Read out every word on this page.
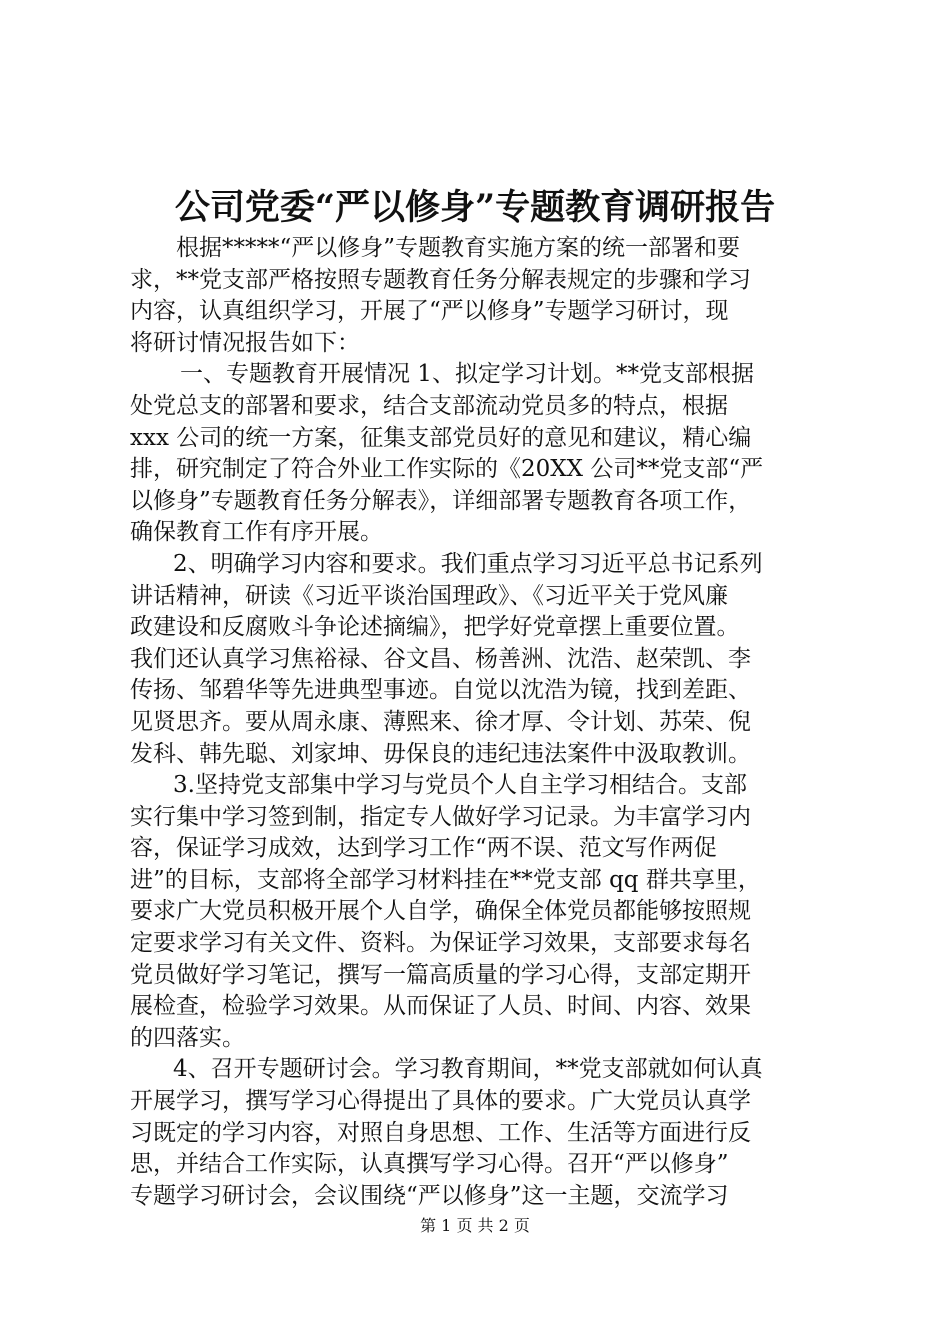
公司党委“严以修身”专题教育调研报告
根据*****“严以修身”专题教育实施方案的统一部署和要
求，**党支部严格按照专题教育任务分解表规定的步骤和学习
内容，认真组织学习，开展了“严以修身”专题学习研讨，现
将研讨情况报告如下：
一、专题教育开展情况 1、拟定学习计划。**党支部根据
处党总支的部署和要求，结合支部流动党员多的特点，根据
xxx 公司的统一方案，征集支部党员好的意见和建议，精心编
排，研究制定了符合外业工作实际的《20XX 公司**党支部“严
以修身”专题教育任务分解表》，详细部署专题教育各项工作，
确保教育工作有序开展。
2、明确学习内容和要求。我们重点学习习近平总书记系列
讲话精神，研读《习近平谈治国理政》、《习近平关于党风廉
政建设和反腐败斗争论述摘编》，把学好党章摆上重要位置。
我们还认真学习焦裕禄、谷文昌、杨善洲、沈浩、赵荣凯、李
传扬、邹碧华等先进典型事迹。自觉以沈浩为镜，找到差距、
见贤思齐。要从周永康、薄熙来、徐才厚、令计划、苏荣、倪
发科、韩先聪、刘家坤、毋保良的违纪违法案件中汲取教训。
3.坚持党支部集中学习与党员个人自主学习相结合。支部
实行集中学习签到制，指定专人做好学习记录。为丰富学习内
容，保证学习成效，达到学习工作“两不误、范文写作两促
进”的目标，支部将全部学习材料挂在**党支部 qq 群共享里，
要求广大党员积极开展个人自学，确保全体党员都能够按照规
定要求学习有关文件、资料。为保证学习效果，支部要求每名
党员做好学习笔记，撰写一篇高质量的学习心得，支部定期开
展检查，检验学习效果。从而保证了人员、时间、内容、效果
的四落实。
4、召开专题研讨会。学习教育期间，**党支部就如何认真
开展学习，撰写学习心得提出了具体的要求。广大党员认真学
习既定的学习内容，对照自身思想、工作、生活等方面进行反
思，并结合工作实际，认真撰写学习心得。召开“严以修身”
专题学习研讨会，会议围绕“严以修身”这一主题，交流学习
第 1 页 共 2 页
